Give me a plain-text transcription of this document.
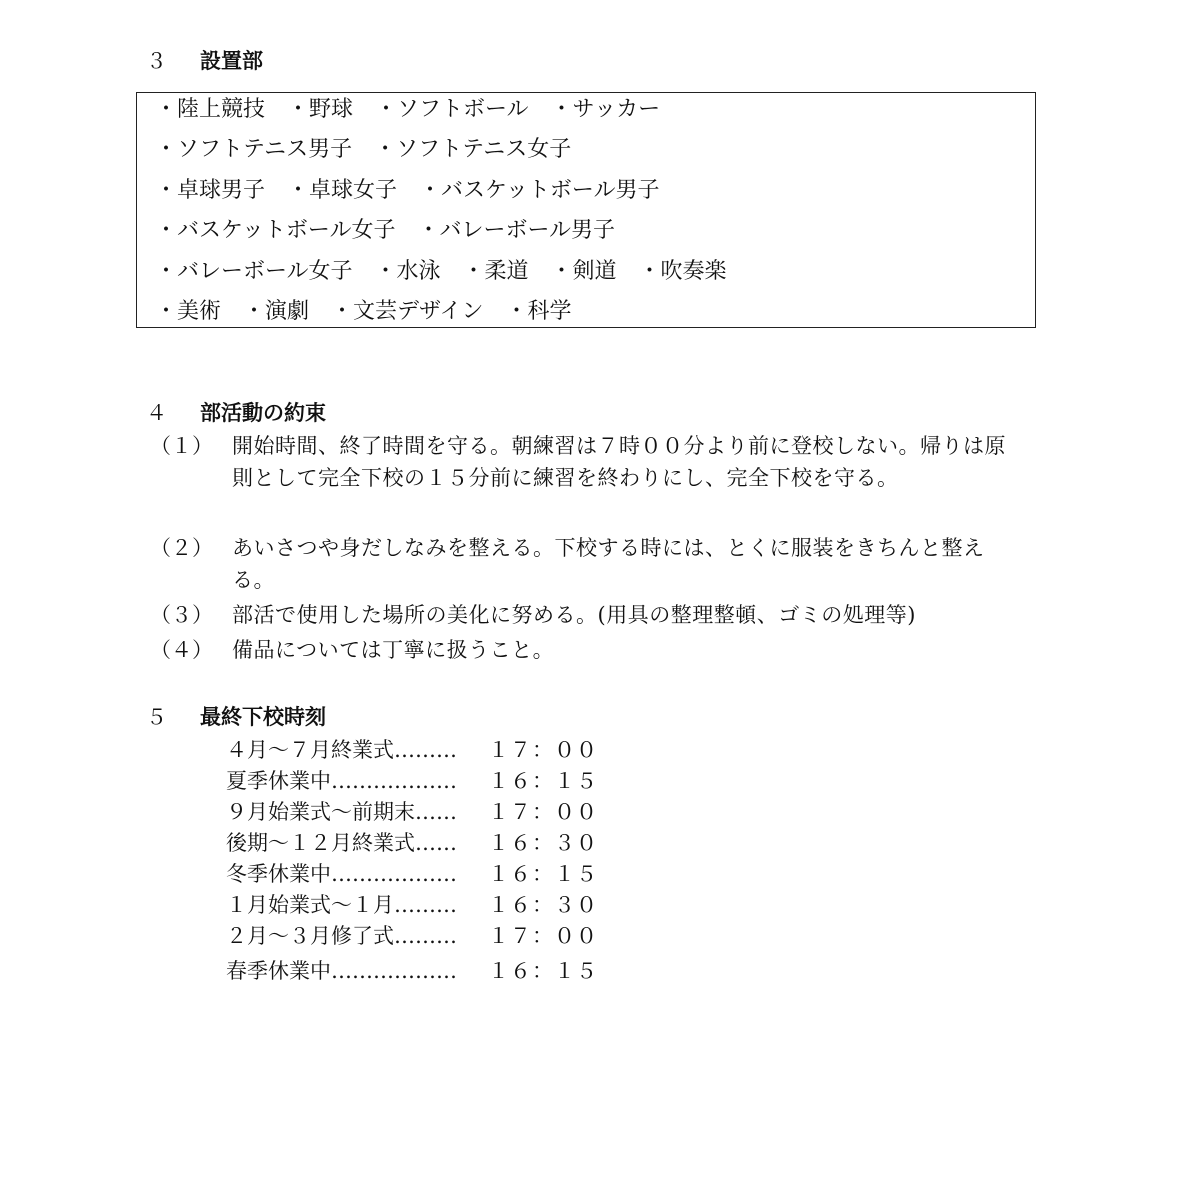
３ 設置部
・陸上競技　・野球　・ソフトボール　・サッカー
・ソフトテニス男子　・ソフトテニス女子
・卓球男子　・卓球女子　・バスケットボール男子
・バスケットボール女子　・バレーボール男子
・バレーボール女子　・水泳　・柔道　・剣道　・吹奏楽
・美術　・演劇　・文芸デザイン　・科学
４ 部活動の約束
（１） 開始時間、終了時間を守る。朝練習は７時００分より前に登校しない。帰りは原則として完全下校の１５分前に練習を終わりにし、完全下校を守る。
（２） あいさつや身だしなみを整える。下校する時には、とくに服装をきちんと整える。
（３） 部活で使用した場所の美化に努める。(用具の整理整頓、ゴミの処理等)
（４） 備品については丁寧に扱うこと。
５ 最終下校時刻
４月～７月終業式……… １７：００
夏季休業中……………… １６：１５
９月始業式～前期末…… １７：００
後期～１２月終業式…… １６：３０
冬季休業中……………… １６：１５
１月始業式～１月……… １６：３０
２月～３月修了式……… １７：００
春季休業中……………… １６：１５
